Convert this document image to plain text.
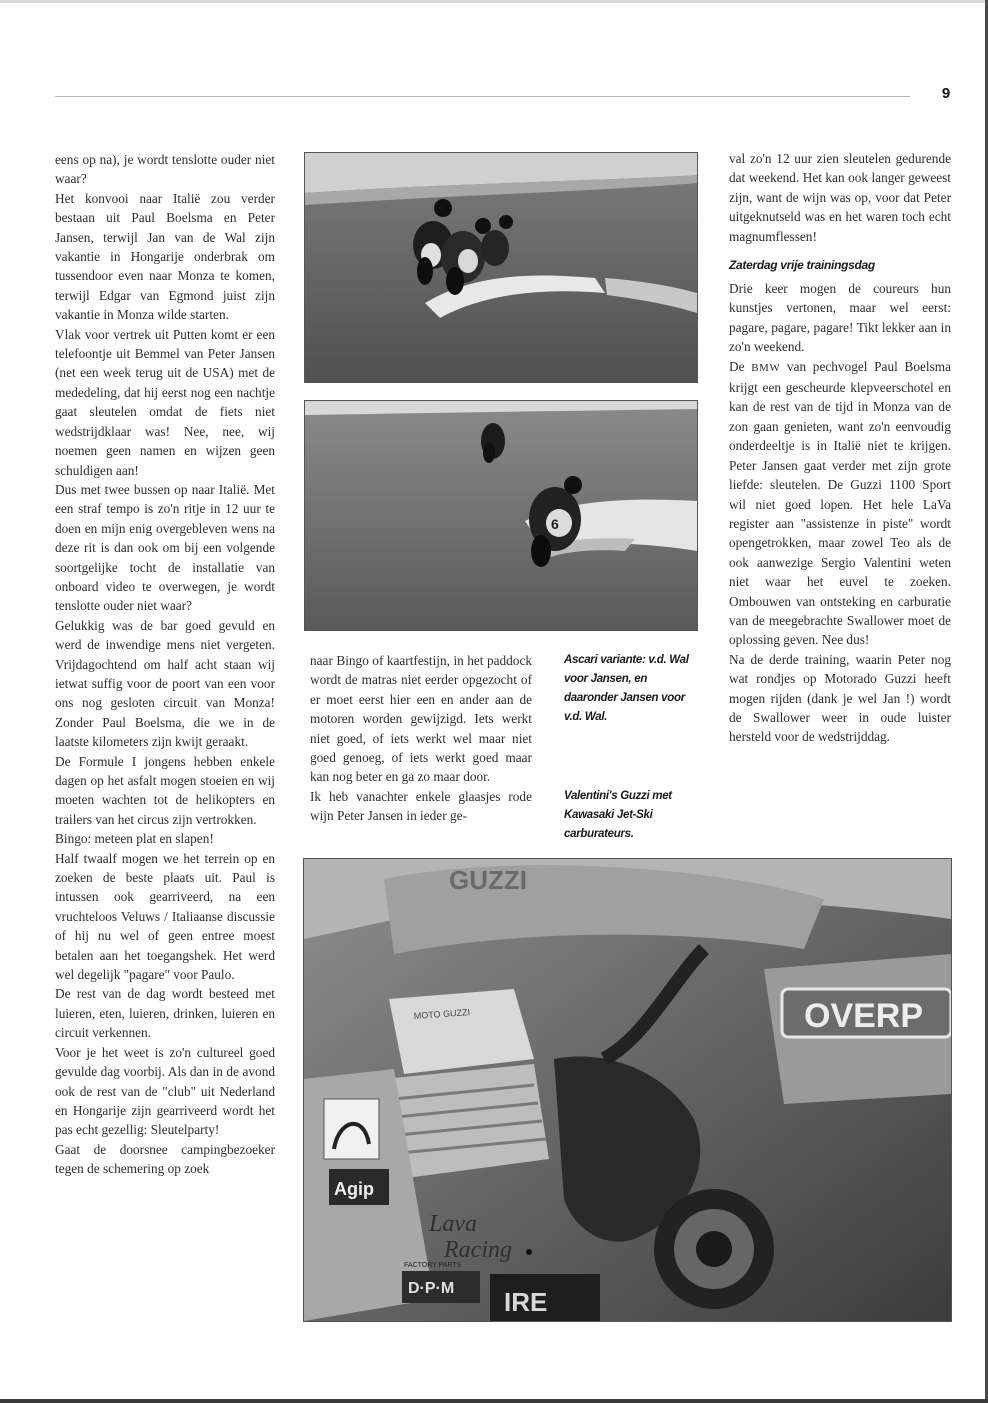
9

eens op na), je wordt tenslotte ouder niet waar?

Het konvooi naar Italië zou verder bestaan uit Paul Boelsma en Peter Jansen, terwijl Jan van de Wal zijn vakantie in Hongarije onderbrak om tussendoor even naar Monza te komen, terwijl Edgar van Egmond juist zijn vakantie in Monza wilde starten.

Vlak voor vertrek uit Putten komt er een telefoontje uit Bemmel van Peter Jansen (net een week terug uit de USA) met de mededeling, dat hij eerst nog een nachtje gaat sleutelen omdat de fiets niet wedstrijdklaar was! Nee, nee, wij noemen geen namen en wijzen geen schuldigen aan!

Dus met twee bussen op naar Italië. Met een straf tempo is zo'n ritje in 12 uur te doen en mijn enig overgebleven wens na deze rit is dan ook om bij een volgende soortgelijke tocht de installatie van onboard video te overwegen, je wordt tenslotte ouder niet waar?

Gelukkig was de bar goed gevuld en werd de inwendige mens niet vergeten. Vrijdagochtend om half acht staan wij ietwat suffig voor de poort van een voor ons nog gesloten circuit van Monza! Zonder Paul Boelsma, die we in de laatste kilometers zijn kwijt geraakt.

De Formule I jongens hebben enkele dagen op het asfalt mogen stoeien en wij moeten wachten tot de helikopters en trailers van het circus zijn vertrokken.

Bingo: meteen plat en slapen!

Half twaalf mogen we het terrein op en zoeken de beste plaats uit. Paul is intussen ook gearriveerd, na een vruchteloos Veluws / Italiaanse discussie of hij nu wel of geen entree moest betalen aan het toegangshek. Het werd wel degelijk "pagare" voor Paulo.

De rest van de dag wordt besteed met luieren, eten, luieren, drinken, luieren en circuit verkennen.

Voor je het weet is zo'n cultureel goed gevulde dag voorbij. Als dan in de avond ook de rest van de "club" uit Nederland en Hongarije zijn gearriveerd wordt het pas echt gezellig: Sleutelparty!

Gaat de doorsnee campingbezoeker tegen de schemering op zoek

6

naar Bingo of kaartfestijn, in het paddock wordt de matras niet eerder opgezocht of er moet eerst hier een en ander aan de motoren worden gewijzigd. Iets werkt niet goed, of iets werkt wel maar niet goed genoeg, of iets werkt goed maar kan nog beter en ga zo maar door.

Ik heb vanachter enkele glaasjes rode wijn Peter Jansen in ieder ge-

Ascari variante: v.d. Wal voor Jansen, en daaronder Jansen voor v.d. Wal.
Valentini's Guzzi met Kawasaki Jet-Ski carburateurs.

val zo'n 12 uur zien sleutelen gedurende dat weekend. Het kan ook langer geweest zijn, want de wijn was op, voor dat Peter uitgeknutseld was en het waren toch echt magnumflessen!

Zaterdag vrije trainingsdag

Drie keer mogen de coureurs hun kunstjes vertonen, maar wel eerst: pagare, pagare, pagare! Tikt lekker aan in zo'n weekend.

De BMW van pechvogel Paul Boelsma krijgt een gescheurde klepveerschotel en kan de rest van de tijd in Monza van de zon gaan genieten, want zo'n eenvoudig onderdeeltje is in Italië niet te krijgen. Peter Jansen gaat verder met zijn grote liefde: sleutelen. De Guzzi 1100 Sport wil niet goed lopen. Het hele LaVa register aan "assistenze in piste" wordt opengetrokken, maar zowel Teo als de ook aanwezige Sergio Valentini weten niet waar het euvel te zoeken. Ombouwen van ontsteking en carburatie van de meegebrachte Swallower moet de oplossing geven. Nee dus!

Na de derde training, waarin Peter nog wat rondjes op Motorado Guzzi heeft mogen rijden (dank je wel Jan !) wordt de Swallower weer in oude luister hersteld voor de wedstrijddag.

GUZZI
OVERP
MOTO GUZZI
Agip
Lava
Racing
FACTORY PARTS
D·P·M IRE
